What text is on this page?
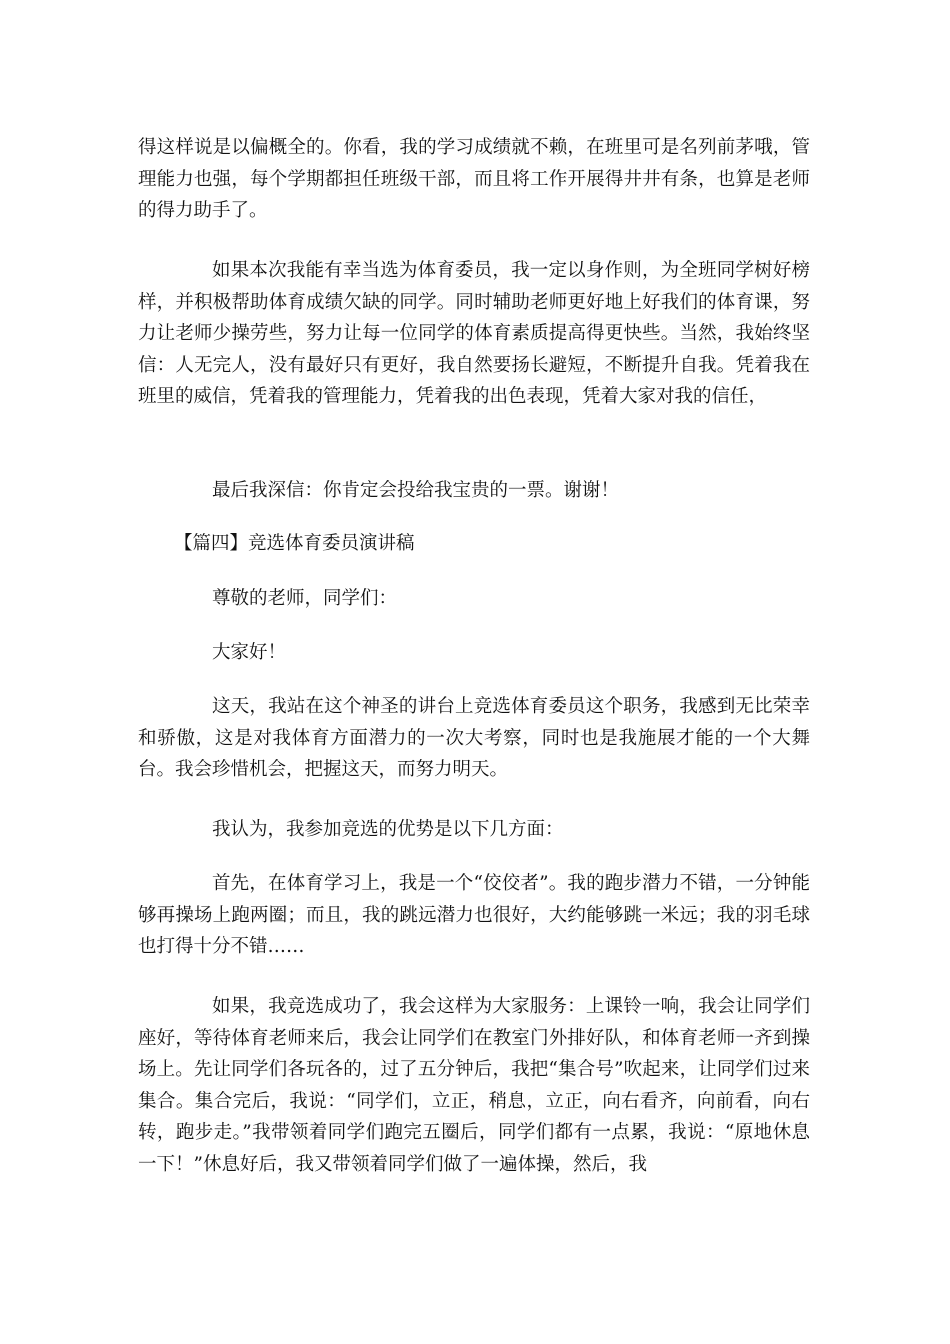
得这样说是以偏概全的。你看，我的学习成绩就不赖，在班里可是名列前茅哦，管理能力也强，每个学期都担任班级干部，而且将工作开展得井井有条，也算是老师的得力助手了。

如果本次我能有幸当选为体育委员，我一定以身作则，为全班同学树好榜样，并积极帮助体育成绩欠缺的同学。同时辅助老师更好地上好我们的体育课，努力让老师少操劳些，努力让每一位同学的体育素质提高得更快些。当然，我始终坚信：人无完人，没有最好只有更好，我自然要扬长避短，不断提升自我。凭着我在班里的威信，凭着我的管理能力，凭着我的出色表现，凭着大家对我的信任，

最后我深信：你肯定会投给我宝贵的一票。谢谢！

【篇四】竞选体育委员演讲稿

尊敬的老师，同学们：

大家好！

这天，我站在这个神圣的讲台上竞选体育委员这个职务，我感到无比荣幸和骄傲，这是对我体育方面潜力的一次大考察，同时也是我施展才能的一个大舞台。我会珍惜机会，把握这天，而努力明天。

我认为，我参加竞选的优势是以下几方面：

首先，在体育学习上，我是一个“佼佼者”。我的跑步潜力不错，一分钟能够再操场上跑两圈；而且，我的跳远潜力也很好，大约能够跳一米远；我的羽毛球也打得十分不错……

如果，我竞选成功了，我会这样为大家服务：上课铃一响，我会让同学们座好，等待体育老师来后，我会让同学们在教室门外排好队，和体育老师一齐到操场上。先让同学们各玩各的，过了五分钟后，我把“集合号”吹起来，让同学们过来集合。集合完后，我说：“同学们，立正，稍息，立正，向右看齐，向前看，向右转，跑步走。”我带领着同学们跑完五圈后，同学们都有一点累，我说：“原地休息一下！”休息好后，我又带领着同学们做了一遍体操，然后，我
